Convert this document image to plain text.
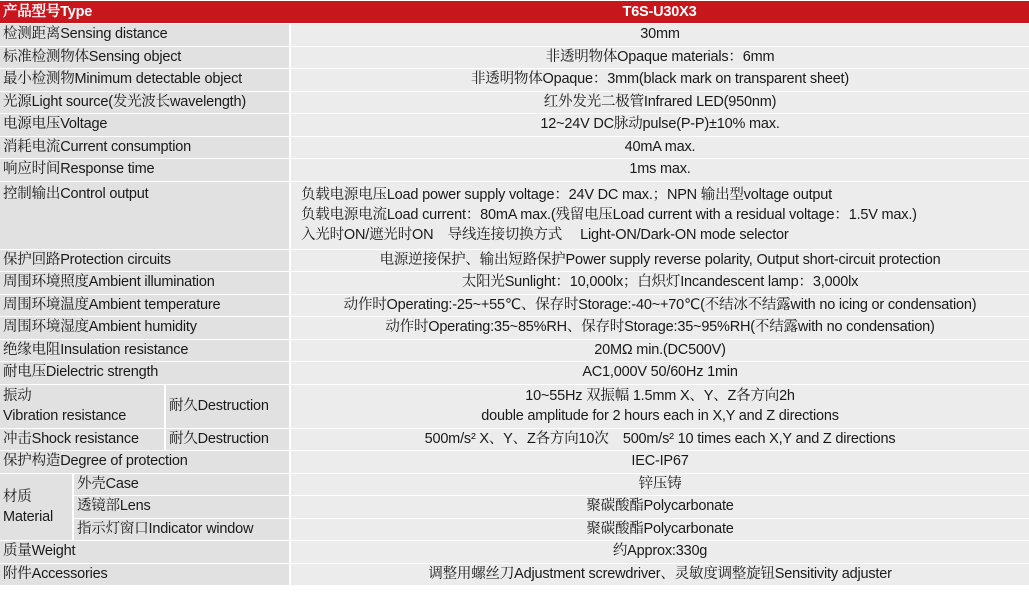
产品型号Type			T6S-U30X3
检测距离Sensing distance			30mm
标准检测物体Sensing object			非透明物体Opaque materials：6mm
最小检测物Minimum detectable object			非透明物体Opaque：3mm(black mark on transparent sheet)
光源Light source(发光波长wavelength)			红外发光二极管Infrared LED(950nm)
电源电压Voltage			12~24V DC脉动pulse(P-P)±10% max.
消耗电流Current consumption			40mA max.
响应时间Response time			1ms max.
控制输出Control output			负载电源电压Load power supply voltage：24V DC max.；NPN 输出型voltage output
负载电源电流Load current：80mA max.(残留电压Load current with a residual voltage：1.5V max.)
入光时ON/遮光时ON　导线连接切换方式　 Light-ON/Dark-ON mode selector

保护回路Protection circuits			电源逆接保护、输出短路保护Power supply reverse polarity, Output short-circuit protection
周围环境照度Ambient illumination			太阳光Sunlight：10,000lx；白炽灯Incandescent lamp：3,000lx
周围环境温度Ambient temperature			动作时Operating:-25~+55℃、保存时Storage:-40~+70℃(不结冰不结露with no icing or condensation)
周围环境湿度Ambient humidity			动作时Operating:35~85%RH、保存时Storage:35~95%RH(不结露with no condensation)
绝缘电阻Insulation resistance			20MΩ min.(DC500V)
耐电压Dielectric strength			AC1,000V 50/60Hz 1min

振动
Vibration resistance		耐久Destruction	10~55Hz 双振幅 1.5mm X、Y、Z各方向2h
double amplitude for 2 hours each in X,Y and Z directions

冲击Shock resistance		耐久Destruction	500m/s² X、Y、Z各方向10次　500m/s² 10 times each X,Y and Z directions
保护构造Degree of protection			IEC-IP67

材质
Material	外壳Case		锌压铸
	透镜部Lens		聚碳酸酯Polycarbonate
	指示灯窗口Indicator window		聚碳酸酯Polycarbonate
质量Weight			约Approx:330g
附件Accessories			调整用螺丝刀Adjustment screwdriver、灵敏度调整旋钮Sensitivity adjuster
